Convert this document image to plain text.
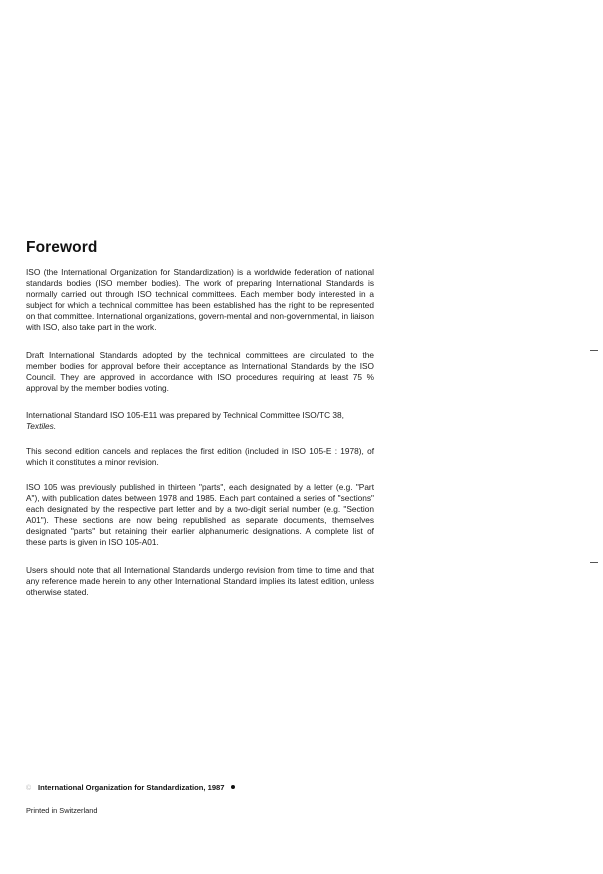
Foreword

ISO (the International Organization for Standardization) is a worldwide federation of national standards bodies (ISO member bodies). The work of preparing International Standards is normally carried out through ISO technical committees. Each member body interested in a subject for which a technical committee has been established has the right to be represented on that committee. International organizations, govern-mental and non-governmental, in liaison with ISO, also take part in the work.

Draft International Standards adopted by the technical committees are circulated to the member bodies for approval before their acceptance as International Standards by the ISO Council. They are approved in accordance with ISO procedures requiring at least 75 % approval by the member bodies voting.

International Standard ISO 105-E11 was prepared by Technical Committee ISO/TC 38,
Textiles.

This second edition cancels and replaces the first edition (included in ISO 105-E : 1978), of which it constitutes a minor revision.

ISO 105 was previously published in thirteen "parts", each designated by a letter (e.g. "Part A"), with publication dates between 1978 and 1985. Each part contained a series of "sections" each designated by the respective part letter and by a two-digit serial number (e.g. "Section A01"). These sections are now being republished as separate documents, themselves designated "parts" but retaining their earlier alphanumeric designations. A complete list of these parts is given in ISO 105-A01.

Users should note that all International Standards undergo revision from time to time and that any reference made herein to any other International Standard implies its latest edition, unless otherwise stated.

© International Organization for Standardization, 1987
Printed in Switzerland
